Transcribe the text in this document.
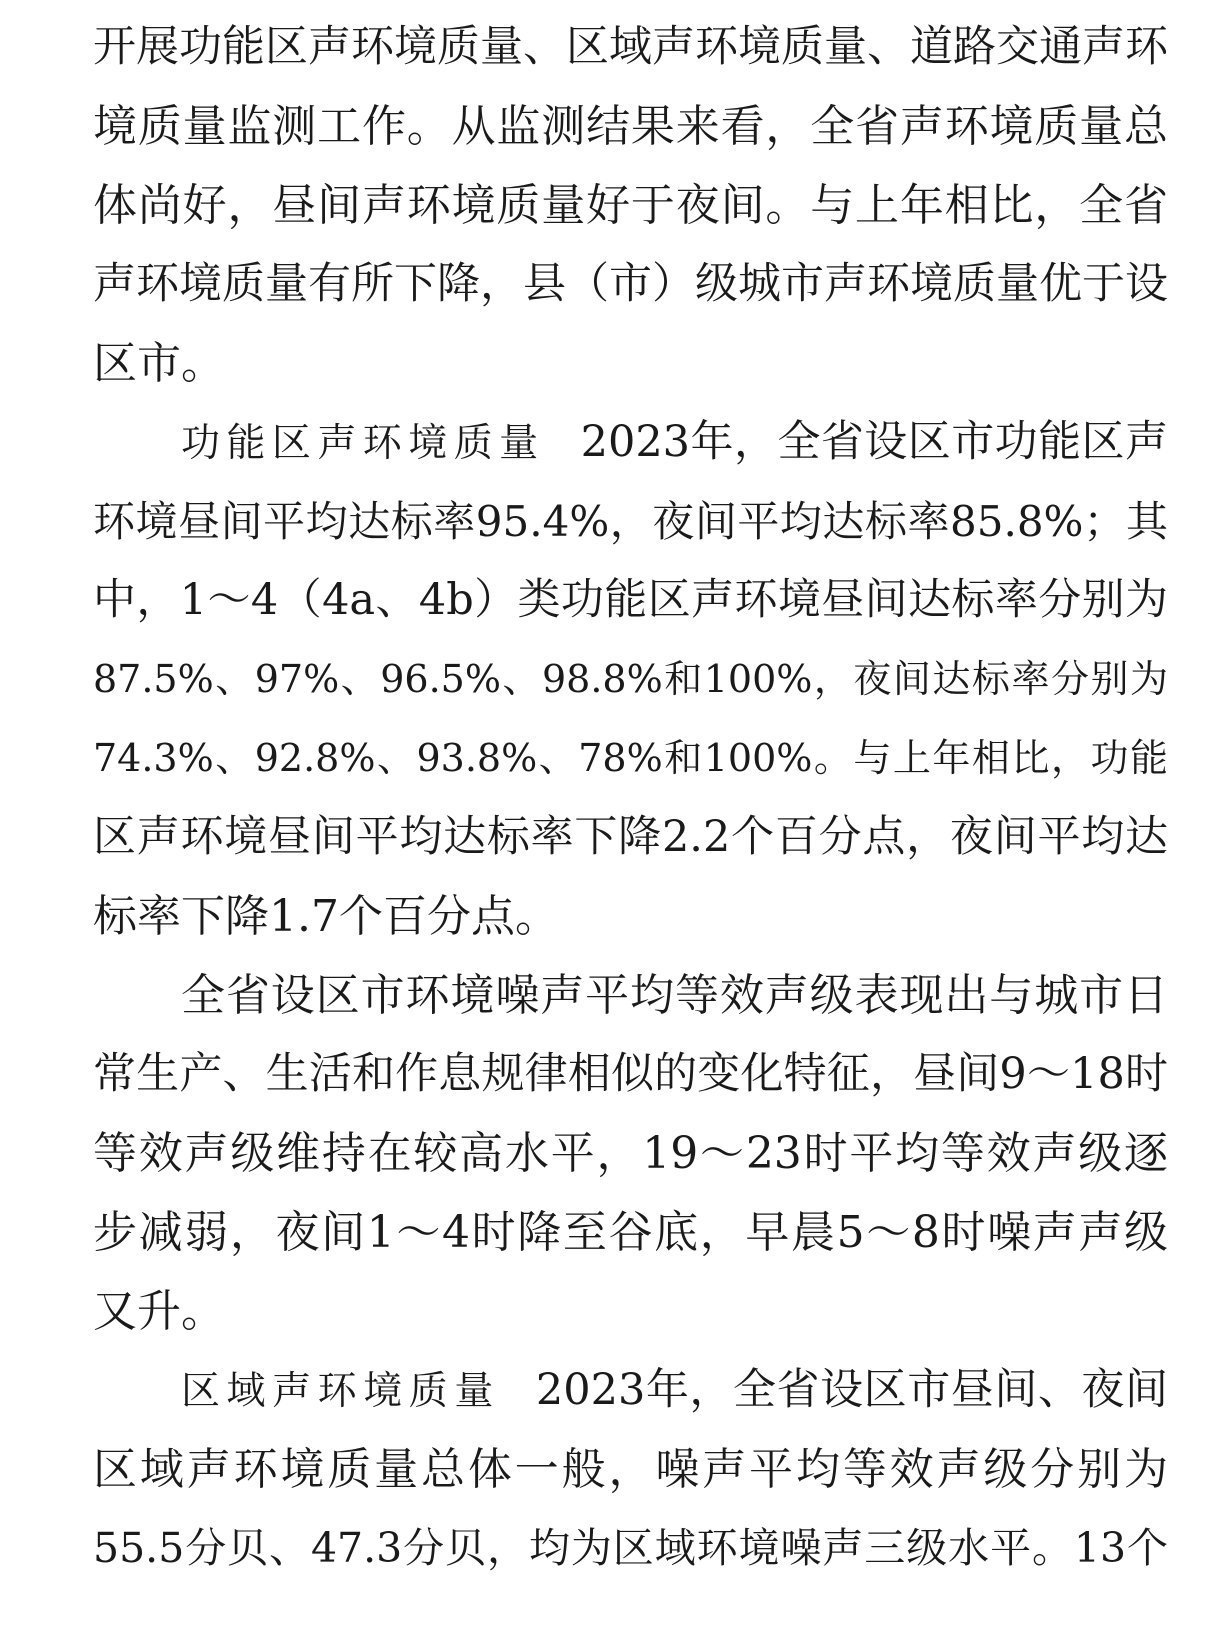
开展功能区声环境质量、区域声环境质量、道路交通声环
境质量监测工作。从监测结果来看，全省声环境质量总
体尚好，昼间声环境质量好于夜间。与上年相比，全省
声环境质量有所下降，县（市）级城市声环境质量优于设
区市。
功能区声环境质量 2023年，全省设区市功能区声
环境昼间平均达标率95.4%，夜间平均达标率85.8%；其
中，1～4（4a、4b）类功能区声环境昼间达标率分别为
87.5%、97%、96.5%、98.8%和100%，夜间达标率分别为
74.3%、92.8%、93.8%、78%和100%。与上年相比，功能
区声环境昼间平均达标率下降2.2个百分点，夜间平均达
标率下降1.7个百分点。
全省设区市环境噪声平均等效声级表现出与城市日
常生产、生活和作息规律相似的变化特征，昼间9～18时
等效声级维持在较高水平，19～23时平均等效声级逐
步减弱，夜间1～4时降至谷底，早晨5～8时噪声声级
又升。
区域声环境质量 2023年，全省设区市昼间、夜间
区域声环境质量总体一般，噪声平均等效声级分别为
55.5分贝、47.3分贝，均为区域环境噪声三级水平。13个
